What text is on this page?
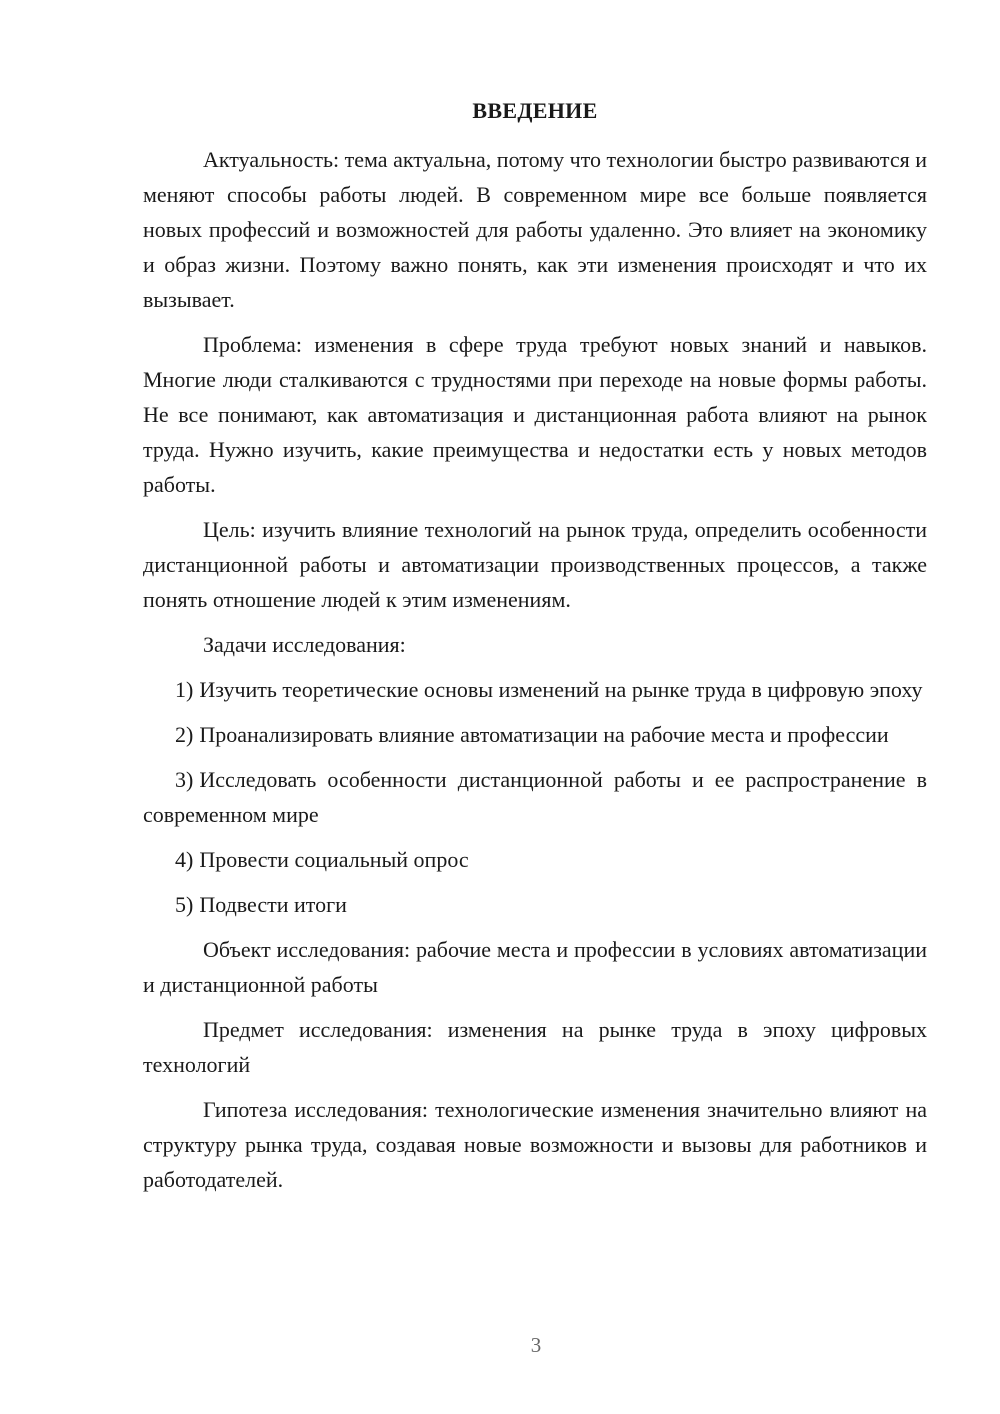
ВВЕДЕНИЕ

Актуальность: тема актуальна, потому что технологии быстро развиваются и меняют способы работы людей. В современном мире все больше появляется новых профессий и возможностей для работы удаленно. Это влияет на экономику и образ жизни. Поэтому важно понять, как эти изменения происходят и что их вызывает.

Проблема: изменения в сфере труда требуют новых знаний и навыков. Многие люди сталкиваются с трудностями при переходе на новые формы работы. Не все понимают, как автоматизация и дистанционная работа влияют на рынок труда. Нужно изучить, какие преимущества и недостатки есть у новых методов работы.

Цель: изучить влияние технологий на рынок труда, определить особенности дистанционной работы и автоматизации производственных процессов, а также понять отношение людей к этим изменениям.

Задачи исследования:

1) Изучить теоретические основы изменений на рынке труда в цифровую эпоху
2) Проанализировать влияние автоматизации на рабочие места и профессии
3) Исследовать особенности дистанционной работы и ее распространение в современном мире
4) Провести социальный опрос
5) Подвести итоги

Объект исследования: рабочие места и профессии в условиях автоматизации и дистанционной работы

Предмет исследования: изменения на рынке труда в эпоху цифровых технологий

Гипотеза исследования: технологические изменения значительно влияют на структуру рынка труда, создавая новые возможности и вызовы для работников и работодателей.

3
